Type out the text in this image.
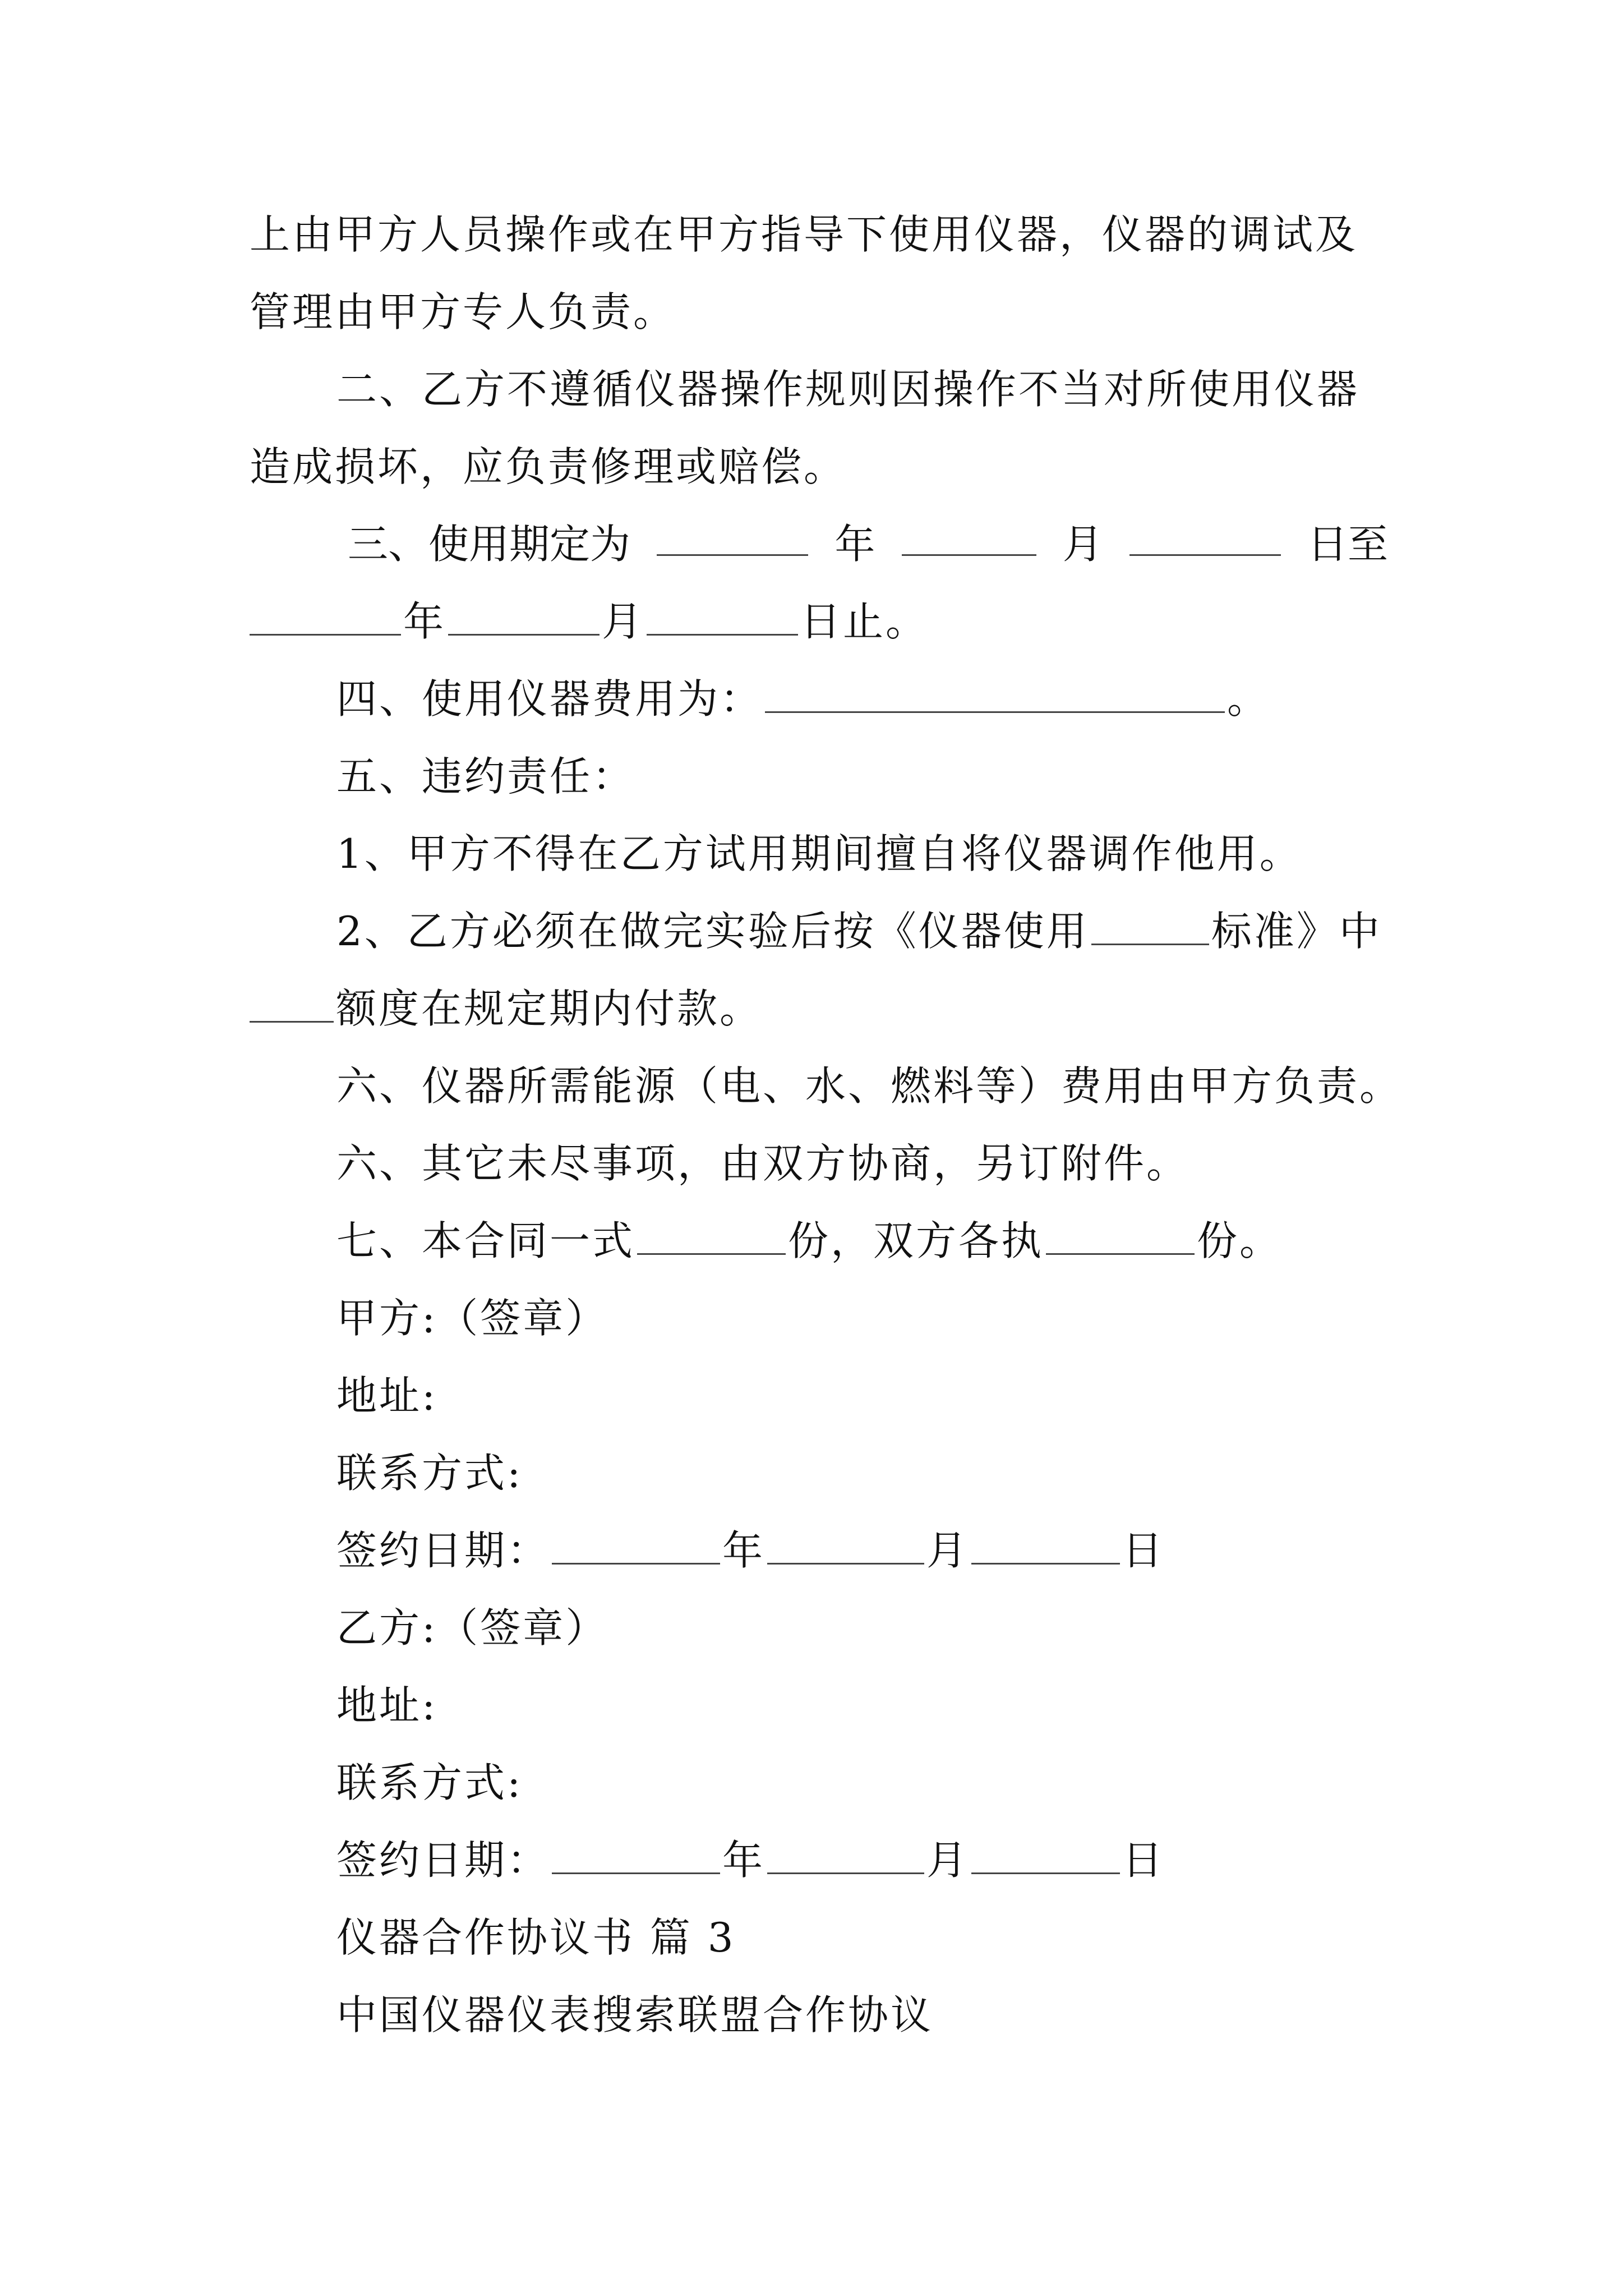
上由甲方人员操作或在甲方指导下使用仪器，仪器的调试及
管理由甲方专人负责。
二、乙方不遵循仪器操作规则因操作不当对所使用仪器
造成损坏，应负责修理或赔偿。
三、使用期定为	年	月	日至
年	月	日止。
四、使用仪器费用为：	。
五、违约责任：
1、甲方不得在乙方试用期间擅自将仪器调作他用。
2、乙方必须在做完实验后按《仪器使用	标准》中
额度在规定期内付款。
六、仪器所需能源（电、水、燃料等）费用由甲方负责。
六、其它未尽事项，由双方协商，另订附件。
七、本合同一式	份，双方各执	份。
甲方:（签章）
地址:
联系方式:
签约日期：	年	月	日
乙方:（签章）
地址:
联系方式:
签约日期：	年	月	日
仪器合作协议书 篇 3
中国仪器仪表搜索联盟合作协议
